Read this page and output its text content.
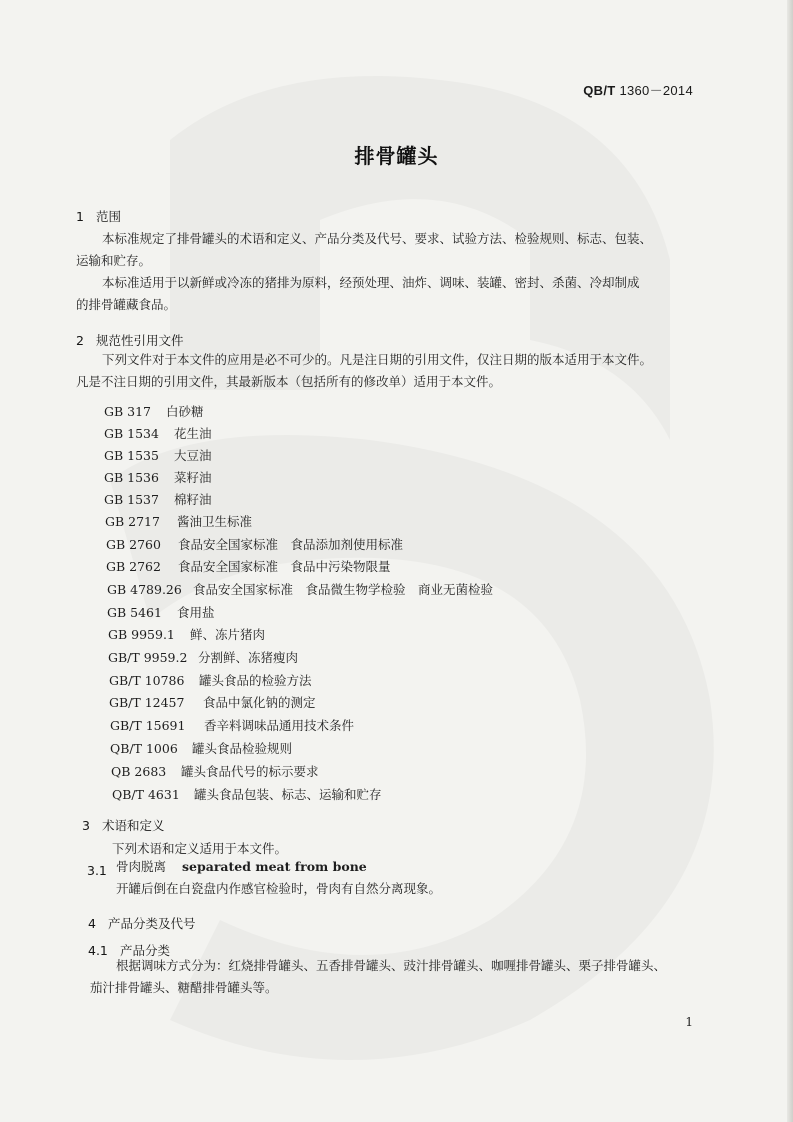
QB/T 1360－2014
排骨罐头
1 范围
本标准规定了排骨罐头的术语和定义、产品分类及代号、要求、试验方法、检验规则、标志、包装、
运输和贮存。
本标准适用于以新鲜或冷冻的猪排为原料，经预处理、油炸、调味、装罐、密封、杀菌、冷却制成
的排骨罐藏食品。
2 规范性引用文件
下列文件对于本文件的应用是必不可少的。凡是注日期的引用文件，仅注日期的版本适用于本文件。
凡是不注日期的引用文件，其最新版本（包括所有的修改单）适用于本文件。
GB 317 白砂糖
GB 1534 花生油
GB 1535 大豆油
GB 1536 菜籽油
GB 1537 棉籽油
GB 2717 酱油卫生标准
GB 2760 食品安全国家标准　食品添加剂使用标准
GB 2762 食品安全国家标准　食品中污染物限量
GB 4789.26 食品安全国家标准　食品微生物学检验　商业无菌检验
GB 5461 食用盐
GB 9959.1 鲜、冻片猪肉
GB/T 9959.2 分割鲜、冻猪瘦肉
GB/T 10786 罐头食品的检验方法
GB/T 12457 食品中氯化钠的测定
GB/T 15691 香辛料调味品通用技术条件
QB/T 1006 罐头食品检验规则
QB 2683 罐头食品代号的标示要求
QB/T 4631 罐头食品包装、标志、运输和贮存
3 术语和定义
下列术语和定义适用于本文件。
3.1 骨肉脱离 separated meat from bone
开罐后倒在白瓷盘内作感官检验时，骨肉有自然分离现象。
4 产品分类及代号
4.1 产品分类
根据调味方式分为：红烧排骨罐头、五香排骨罐头、豉汁排骨罐头、咖喱排骨罐头、栗子排骨罐头、
茄汁排骨罐头、糖醋排骨罐头等。
1
